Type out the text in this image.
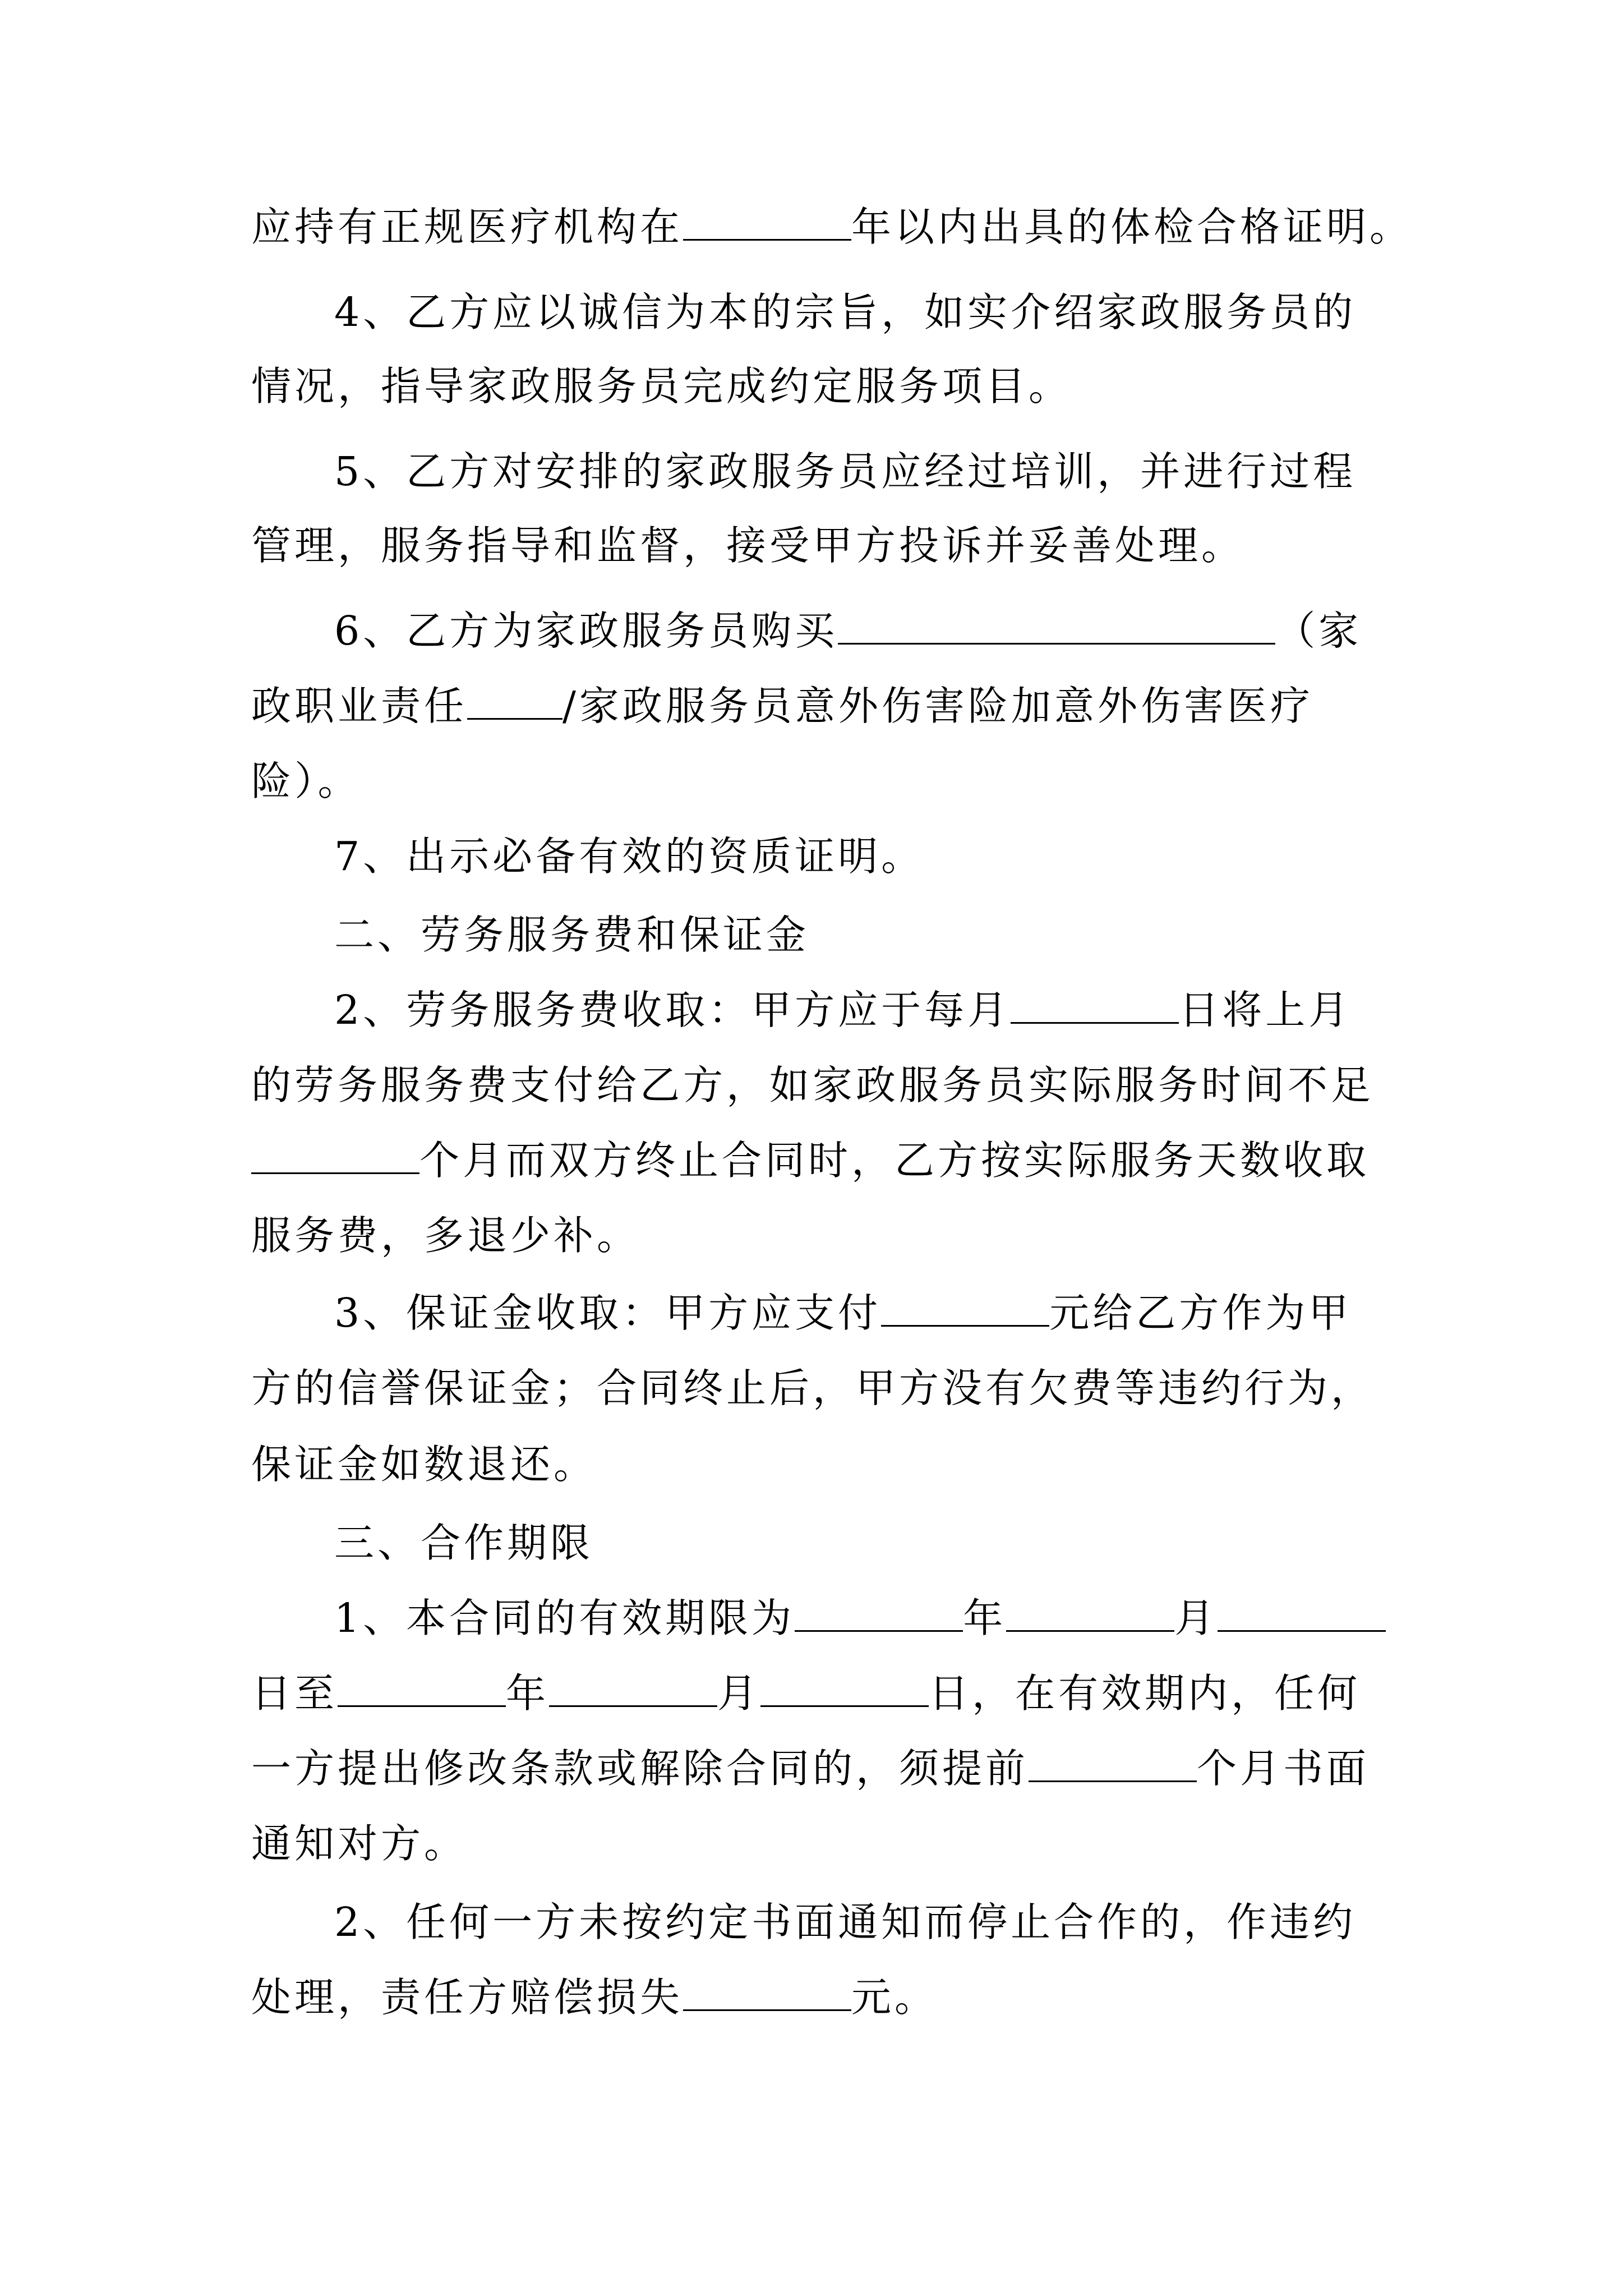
应持有正规医疗机构在	年以内出具的体检合格证明。
4、乙方应以诚信为本的宗旨，如实介绍家政服务员的
情况，指导家政服务员完成约定服务项目。
5、乙方对安排的家政服务员应经过培训，并进行过程
管理，服务指导和监督，接受甲方投诉并妥善处理。
6、乙方为家政服务员购买	（家
政职业责任 /家政服务员意外伤害险加意外伤害医疗
险）。
7、出示必备有效的资质证明。
二、劳务服务费和保证金
2、劳务服务费收取：甲方应于每月	日将上月
的劳务服务费支付给乙方，如家政服务员实际服务时间不足
个月而双方终止合同时，乙方按实际服务天数收取
服务费，多退少补。
3、保证金收取：甲方应支付	元给乙方作为甲
方的信誉保证金；合同终止后，甲方没有欠费等违约行为，
保证金如数退还。
三、合作期限
1、本合同的有效期限为	年	月
日至	年	月	日，在有效期内，任何
一方提出修改条款或解除合同的，须提前	个月书面
通知对方。
2、任何一方未按约定书面通知而停止合作的，作违约
处理，责任方赔偿损失	元。
